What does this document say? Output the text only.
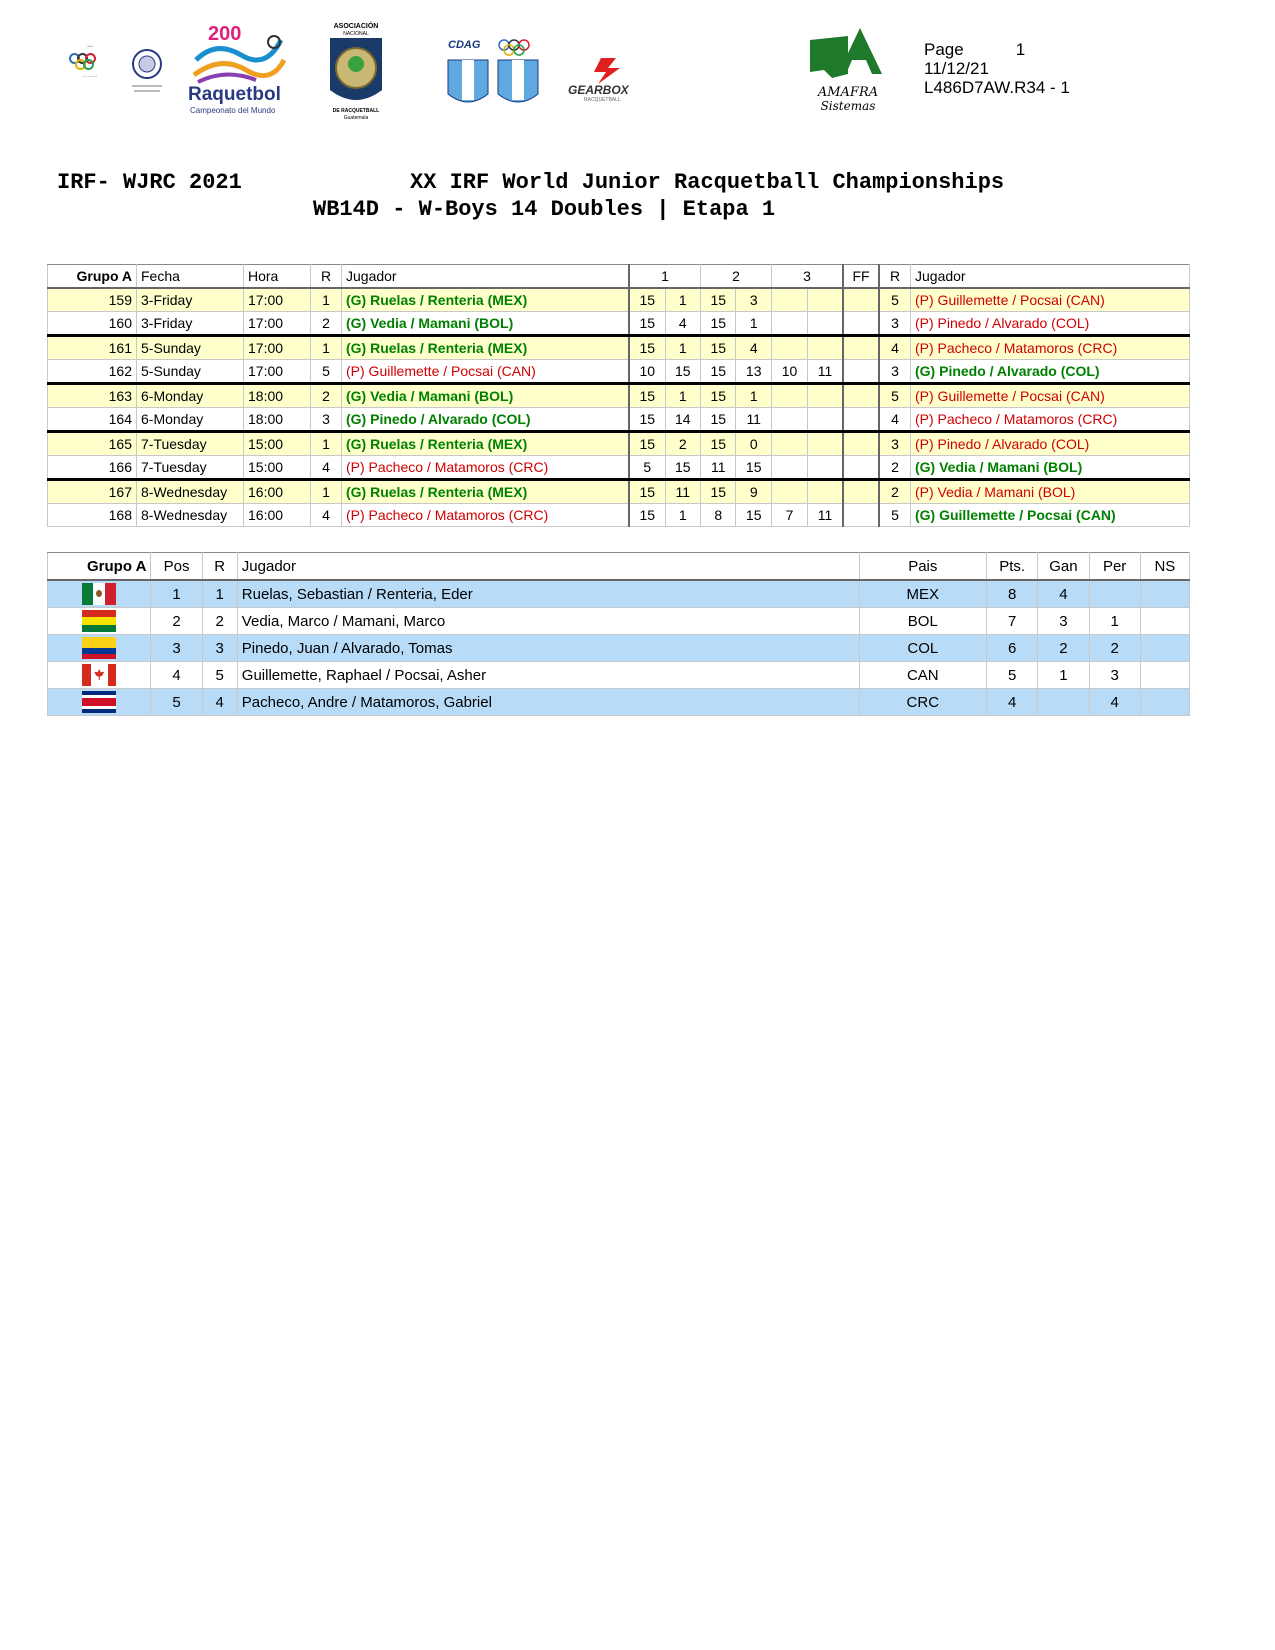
▫▫▫
·········
200
Raquetbol
Campeonato del Mundo
ASOCIACIÓN
NACIONAL
DE RACQUETBALL
Guatemala
CDAG
GEARBOX
RACQUETBALL	AMAFRA
Sistemas
Page	1
11/12/21
L486D7AW.R34 - 1
IRF- WJRC 2021	XX IRF World Junior Racquetball Championships
WB14D - W-Boys 14 Doubles | Etapa 1
Grupo A	Fecha	Hora	R	Jugador	1		2		3		FF	R	Jugador
159	3-Friday	17:00	1	(G) Ruelas / Renteria (MEX)	15	1	15	3				5	(P) Guillemette / Pocsai (CAN)
160	3-Friday	17:00	2	(G) Vedia / Mamani (BOL)	15	4	15	1				3	(P) Pinedo / Alvarado (COL)
161	5-Sunday	17:00	1	(G) Ruelas / Renteria (MEX)	15	1	15	4				4	(P) Pacheco / Matamoros (CRC)
162	5-Sunday	17:00	5	(P) Guillemette / Pocsai (CAN)	10	15	15	13	10	11		3	(G) Pinedo / Alvarado (COL)
163	6-Monday	18:00	2	(G) Vedia / Mamani (BOL)	15	1	15	1				5	(P) Guillemette / Pocsai (CAN)
164	6-Monday	18:00	3	(G) Pinedo / Alvarado (COL)	15	14	15	11				4	(P) Pacheco / Matamoros (CRC)
165	7-Tuesday	15:00	1	(G) Ruelas / Renteria (MEX)	15	2	15	0				3	(P) Pinedo / Alvarado (COL)
166	7-Tuesday	15:00	4	(P) Pacheco / Matamoros (CRC)	5	15	11	15				2	(G) Vedia / Mamani (BOL)
167	8-Wednesday	16:00	1	(G) Ruelas / Renteria (MEX)	15	11	15	9				2	(P) Vedia / Mamani (BOL)
168	8-Wednesday	16:00	4	(P) Pacheco / Matamoros (CRC)	15	1	8	15	7	11		5	(G) Guillemette / Pocsai (CAN)
Grupo A	Pos	R	Jugador	Pais	Pts.	Gan	Per	NS

	1	1	Ruelas, Sebastian / Renteria, Eder	MEX	8	4		

	2	2	Vedia, Marco / Mamani, Marco	BOL	7	3	1	

	3	3	Pinedo, Juan / Alvarado, Tomas	COL	6	2	2	

	4	5	Guillemette, Raphael / Pocsai, Asher	CAN	5	1	3	

	5	4	Pacheco, Andre / Matamoros, Gabriel	CRC	4		4	
